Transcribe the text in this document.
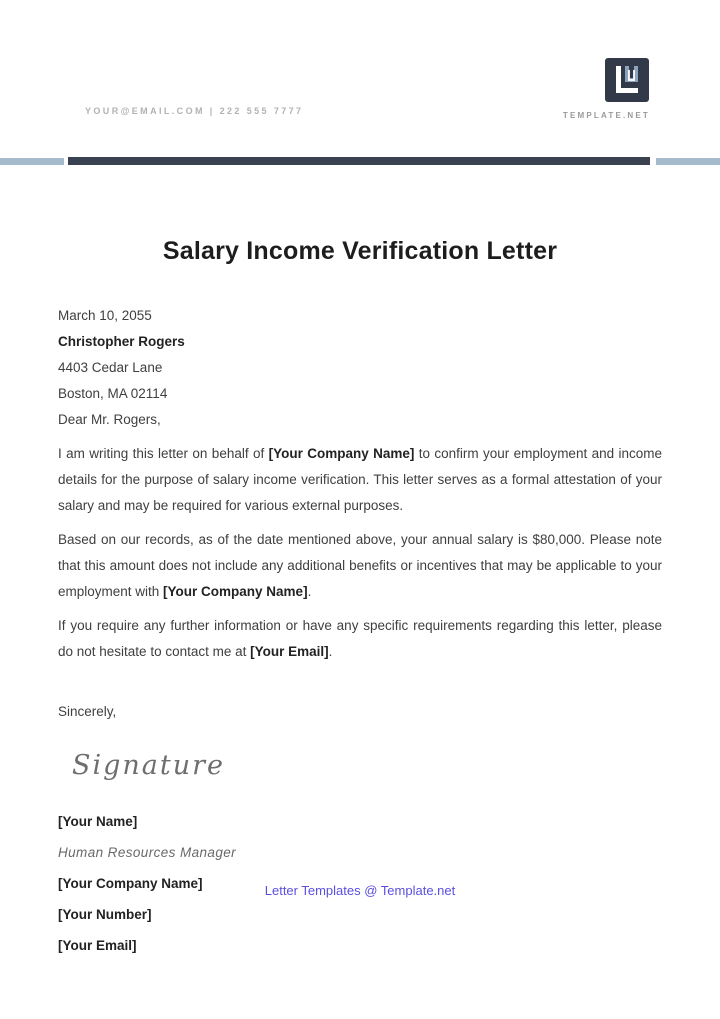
YOUR@EMAIL.COM | 222 555 7777	TEMPLATE.NET
Salary Income Verification Letter

March 10, 2055

Christopher Rogers

4403 Cedar Lane

Boston, MA 02114

Dear Mr. Rogers,

I am writing this letter on behalf of [Your Company Name] to confirm your employment and income details for the purpose of salary income verification. This letter serves as a formal attestation of your salary and may be required for various external purposes.

Based on our records, as of the date mentioned above, your annual salary is $80,000. Please note that this amount does not include any additional benefits or incentives that may be applicable to your employment with [Your Company Name].

If you require any further information or have any specific requirements regarding this letter, please do not hesitate to contact me at [Your Email].

Sincerely,

Signature

[Your Name]

Human Resources Manager

[Your Company Name]

[Your Number]

[Your Email]

Letter Templates @ Template.net
